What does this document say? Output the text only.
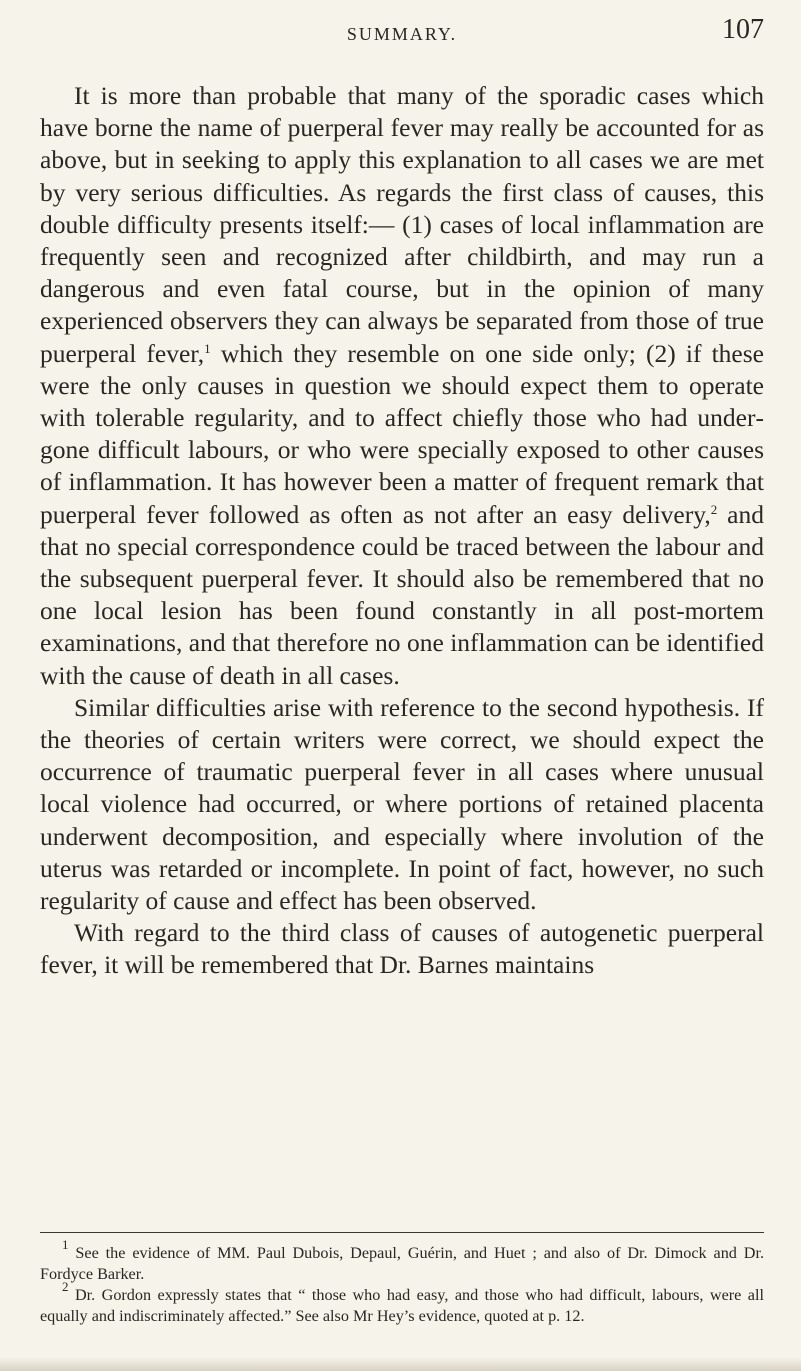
SUMMARY.	107

It is more than probable that many of the sporadic cases which have borne the name of puerperal fever may really be accounted for as above, but in seeking to apply this explanation to all cases we are met by very serious difficulties. As regards the first class of causes, this double difficulty presents itself:— (1) cases of local inflammation are frequently seen and recognized after childbirth, and may run a dangerous and even fatal course, but in the opinion of many experienced observers they can always be separated from those of true puerperal fever,$^1$ which they resemble on one side only; (2) if these were the only causes in question we should expect them to operate with tolerable regularity, and to affect chiefly those who had undergone difficult labours, or who were specially exposed to other causes of inflammation. It has however been a matter of frequent remark that puerperal fever followed as often as not after an easy delivery,$^2$ and that no special correspondence could be traced between the labour and the subsequent puerperal fever. It should also be remembered that no one local lesion has been found constantly in all post-mortem examinations, and that therefore no one inflammation can be identified with the cause of death in all cases.

Similar difficulties arise with reference to the second hypothesis. If the theories of certain writers were correct, we should expect the occurrence of traumatic puerperal fever in all cases where unusual local violence had occurred, or where portions of retained placenta underwent decomposition, and especially where involution of the uterus was retarded or incomplete. In point of fact, however, no such regularity of cause and effect has been observed.

With regard to the third class of causes of autogenetic puerperal fever, it will be remembered that Dr. Barnes maintains

$^1$ See the evidence of MM. Paul Dubois, Depaul, Guérin, and Huet ; and also of Dr. Dimock and Dr. Fordyce Barker.

$^2$ Dr. Gordon expressly states that “ those who had easy, and those who had difficult, labours, were all equally and indiscriminately affected.” See also Mr Hey’s evidence, quoted at p. 12.
